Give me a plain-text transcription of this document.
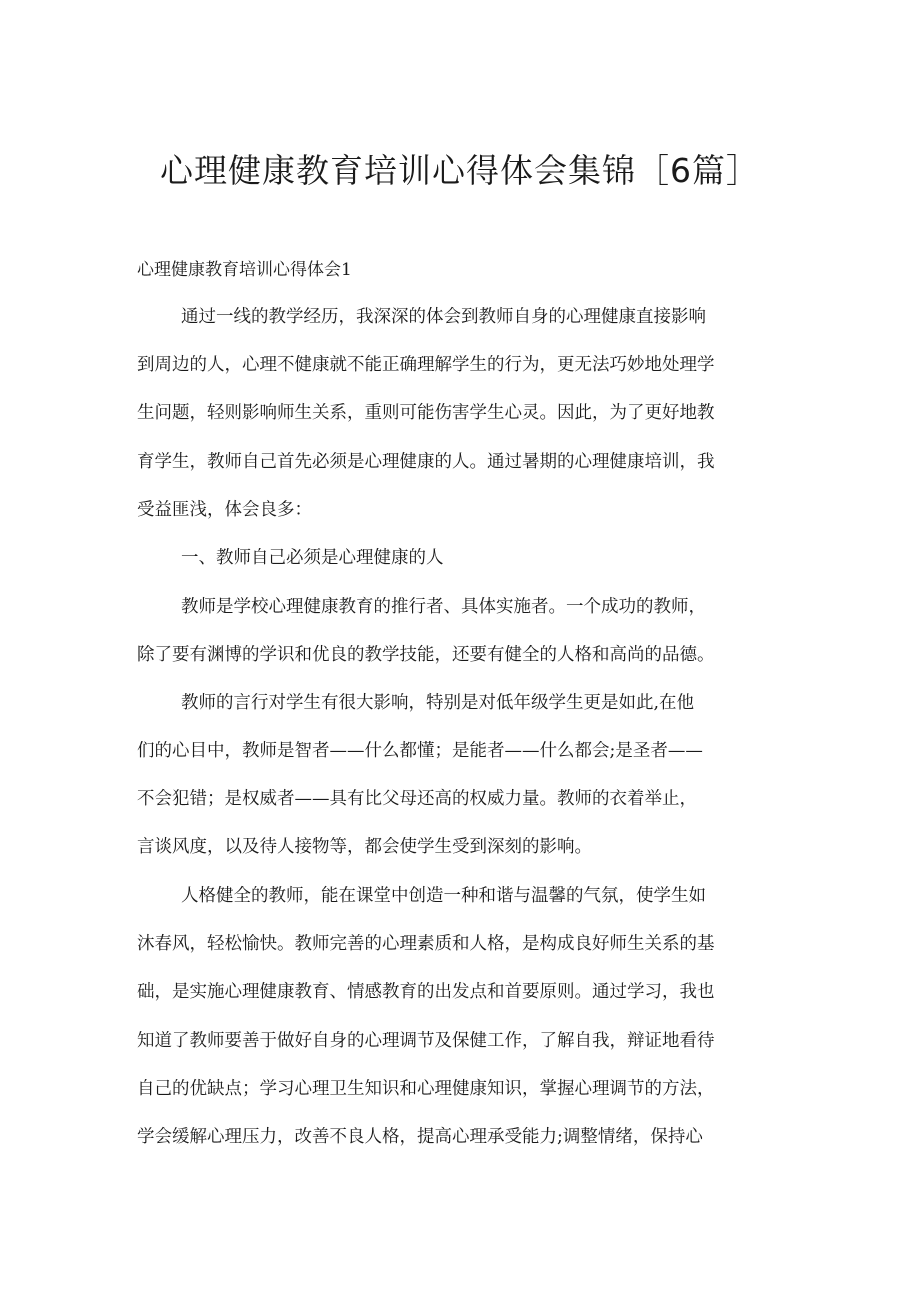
心理健康教育培训心得体会集锦［6篇］
心理健康教育培训心得体会1

通过一线的教学经历，我深深的体会到教师自身的心理健康直接影响

到周边的人，心理不健康就不能正确理解学生的行为，更无法巧妙地处理学

生问题，轻则影响师生关系，重则可能伤害学生心灵。因此，为了更好地教

育学生，教师自己首先必须是心理健康的人。通过暑期的心理健康培训，我

受益匪浅，体会良多：

一、教师自己必须是心理健康的人

教师是学校心理健康教育的推行者、具体实施者。一个成功的教师，

除了要有渊博的学识和优良的教学技能，还要有健全的人格和高尚的品德。

教师的言行对学生有很大影响，特别是对低年级学生更是如此,在他

们的心目中，教师是智者——什么都懂；是能者——什么都会;是圣者——

不会犯错；是权威者——具有比父母还高的权威力量。教师的衣着举止，

言谈风度，以及待人接物等，都会使学生受到深刻的影响。

人格健全的教师，能在课堂中创造一种和谐与温馨的气氛，使学生如

沐春风，轻松愉快。教师完善的心理素质和人格，是构成良好师生关系的基

础，是实施心理健康教育、情感教育的出发点和首要原则。通过学习，我也

知道了教师要善于做好自身的心理调节及保健工作，了解自我，辩证地看待

自己的优缺点；学习心理卫生知识和心理健康知识，掌握心理调节的方法，

学会缓解心理压力，改善不良人格，提高心理承受能力;调整情绪，保持心
